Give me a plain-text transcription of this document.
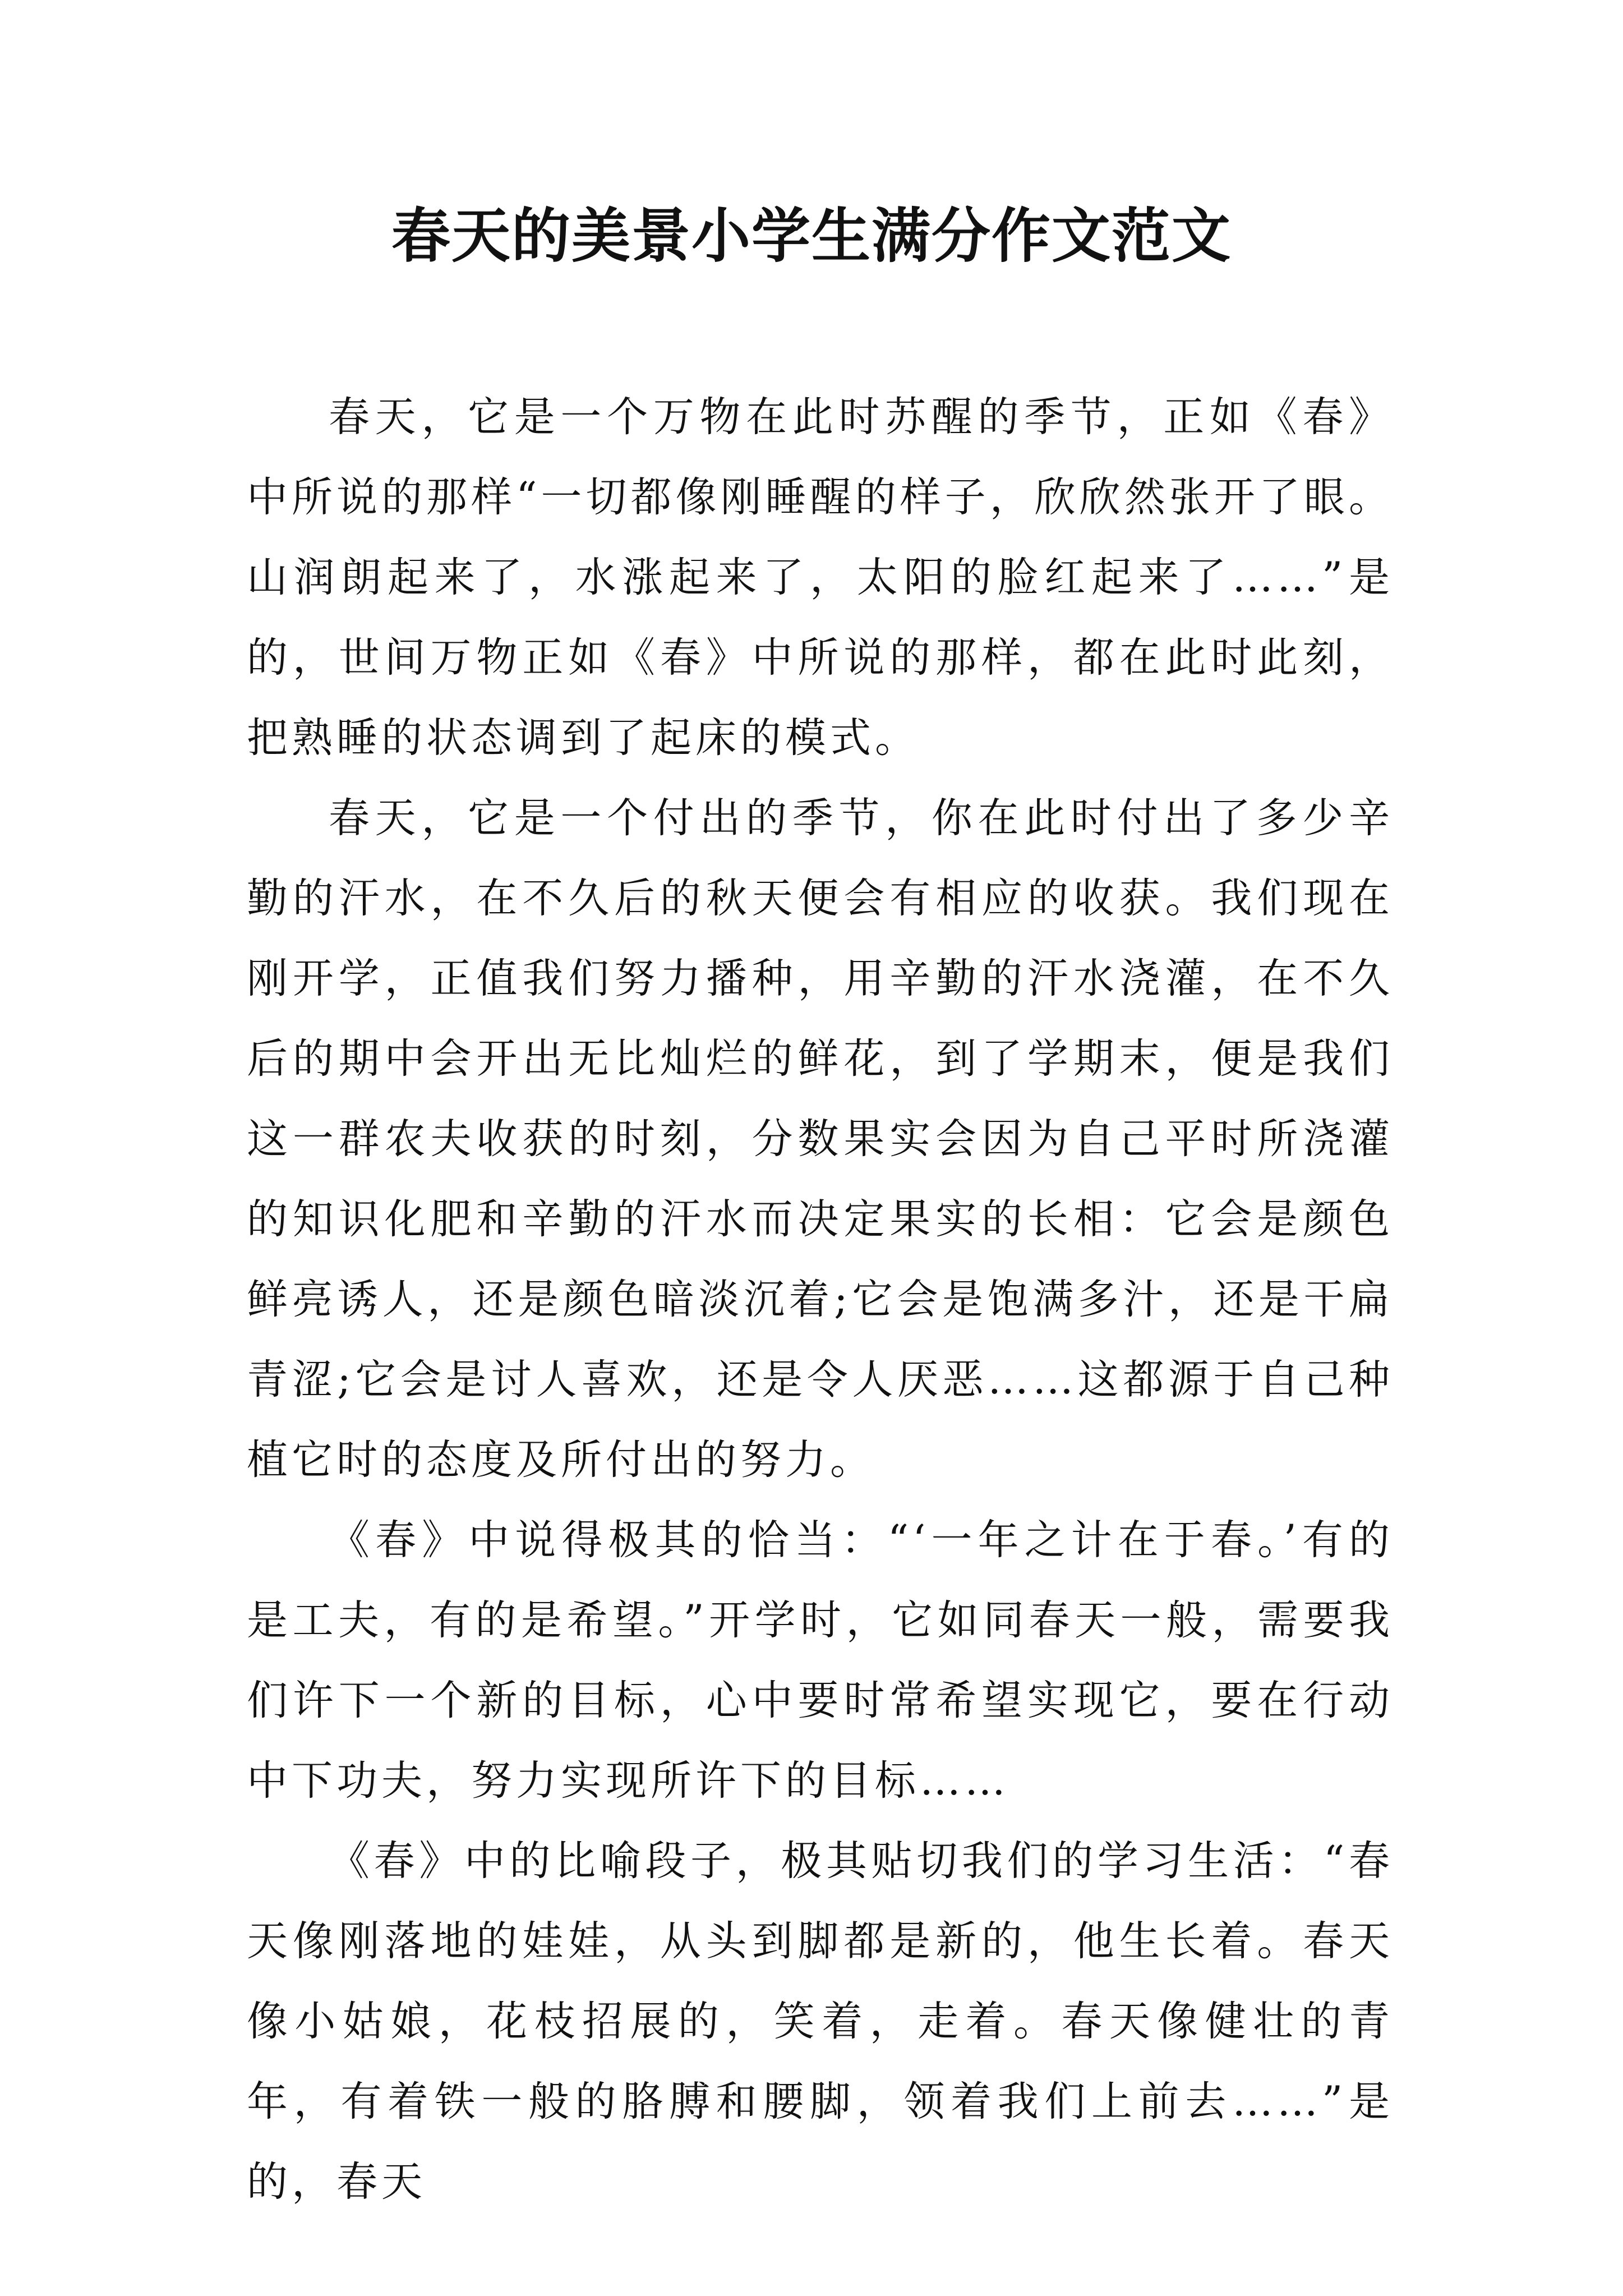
春天的美景小学生满分作文范文

春天，它是一个万物在此时苏醒的季节，正如《春》中所说的那样“一切都像刚睡醒的样子，欣欣然张开了眼。山润朗起来了，水涨起来了，太阳的脸红起来了……”是的，世间万物正如《春》中所说的那样，都在此时此刻，把熟睡的状态调到了起床的模式。

春天，它是一个付出的季节，你在此时付出了多少辛勤的汗水，在不久后的秋天便会有相应的收获。我们现在刚开学，正值我们努力播种，用辛勤的汗水浇灌，在不久后的期中会开出无比灿烂的鲜花，到了学期末，便是我们这一群农夫收获的时刻，分数果实会因为自己平时所浇灌的知识化肥和辛勤的汗水而决定果实的长相：它会是颜色鲜亮诱人，还是颜色暗淡沉着;它会是饱满多汁，还是干扁青涩;它会是讨人喜欢，还是令人厌恶……这都源于自己种植它时的态度及所付出的努力。

《春》中说得极其的恰当：“‘一年之计在于春。’有的是工夫，有的是希望。”开学时，它如同春天一般，需要我们许下一个新的目标，心中要时常希望实现它，要在行动中下功夫，努力实现所许下的目标……

《春》中的比喻段子，极其贴切我们的学习生活：“春天像刚落地的娃娃，从头到脚都是新的，他生长着。春天像小姑娘，花枝招展的，笑着，走着。春天像健壮的青年，有着铁一般的胳膊和腰脚，领着我们上前去……”是的，春天
